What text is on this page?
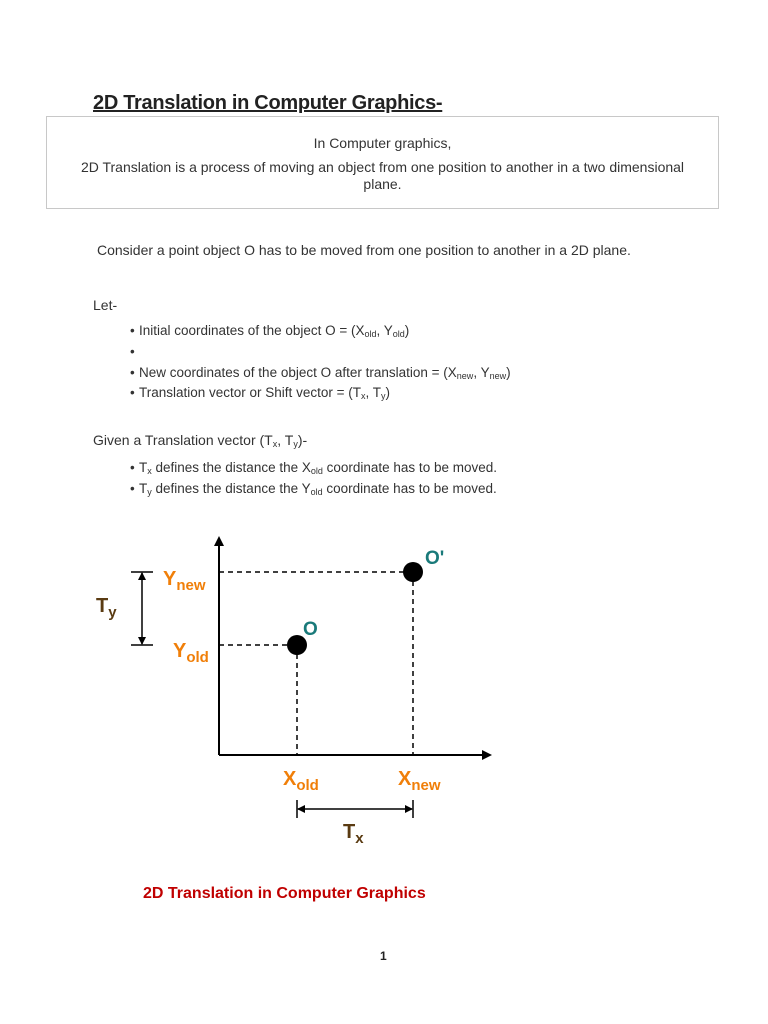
2D Translation in Computer Graphics-
In Computer graphics,
2D Translation is a process of moving an object from one position to another in a two dimensional plane.
Consider a point object O has to be moved from one position to another in a 2D plane.
Let-
• Initial coordinates of the object $O = (X_{old}$, $Y_{old}$)
•
• New coordinates of the object O after translation = ($X_{new}$, $Y_{new}$)
• Translation vector or Shift vector = ($T_x$, $T_y$)
Given a Translation vector ($T_x$, $T_y)-$
• $T_x$ defines the distance the $X_{old}$ coordinate has to be moved.
• $T_y$ defines the distance the $Y_{old}$ coordinate has to be moved.
O
O'
$Y_{new}$
$Y_{old}$
$T_y$
$X_{old}$	$X_{new}$
$T_x$
2D Translation in Computer Graphics
1
